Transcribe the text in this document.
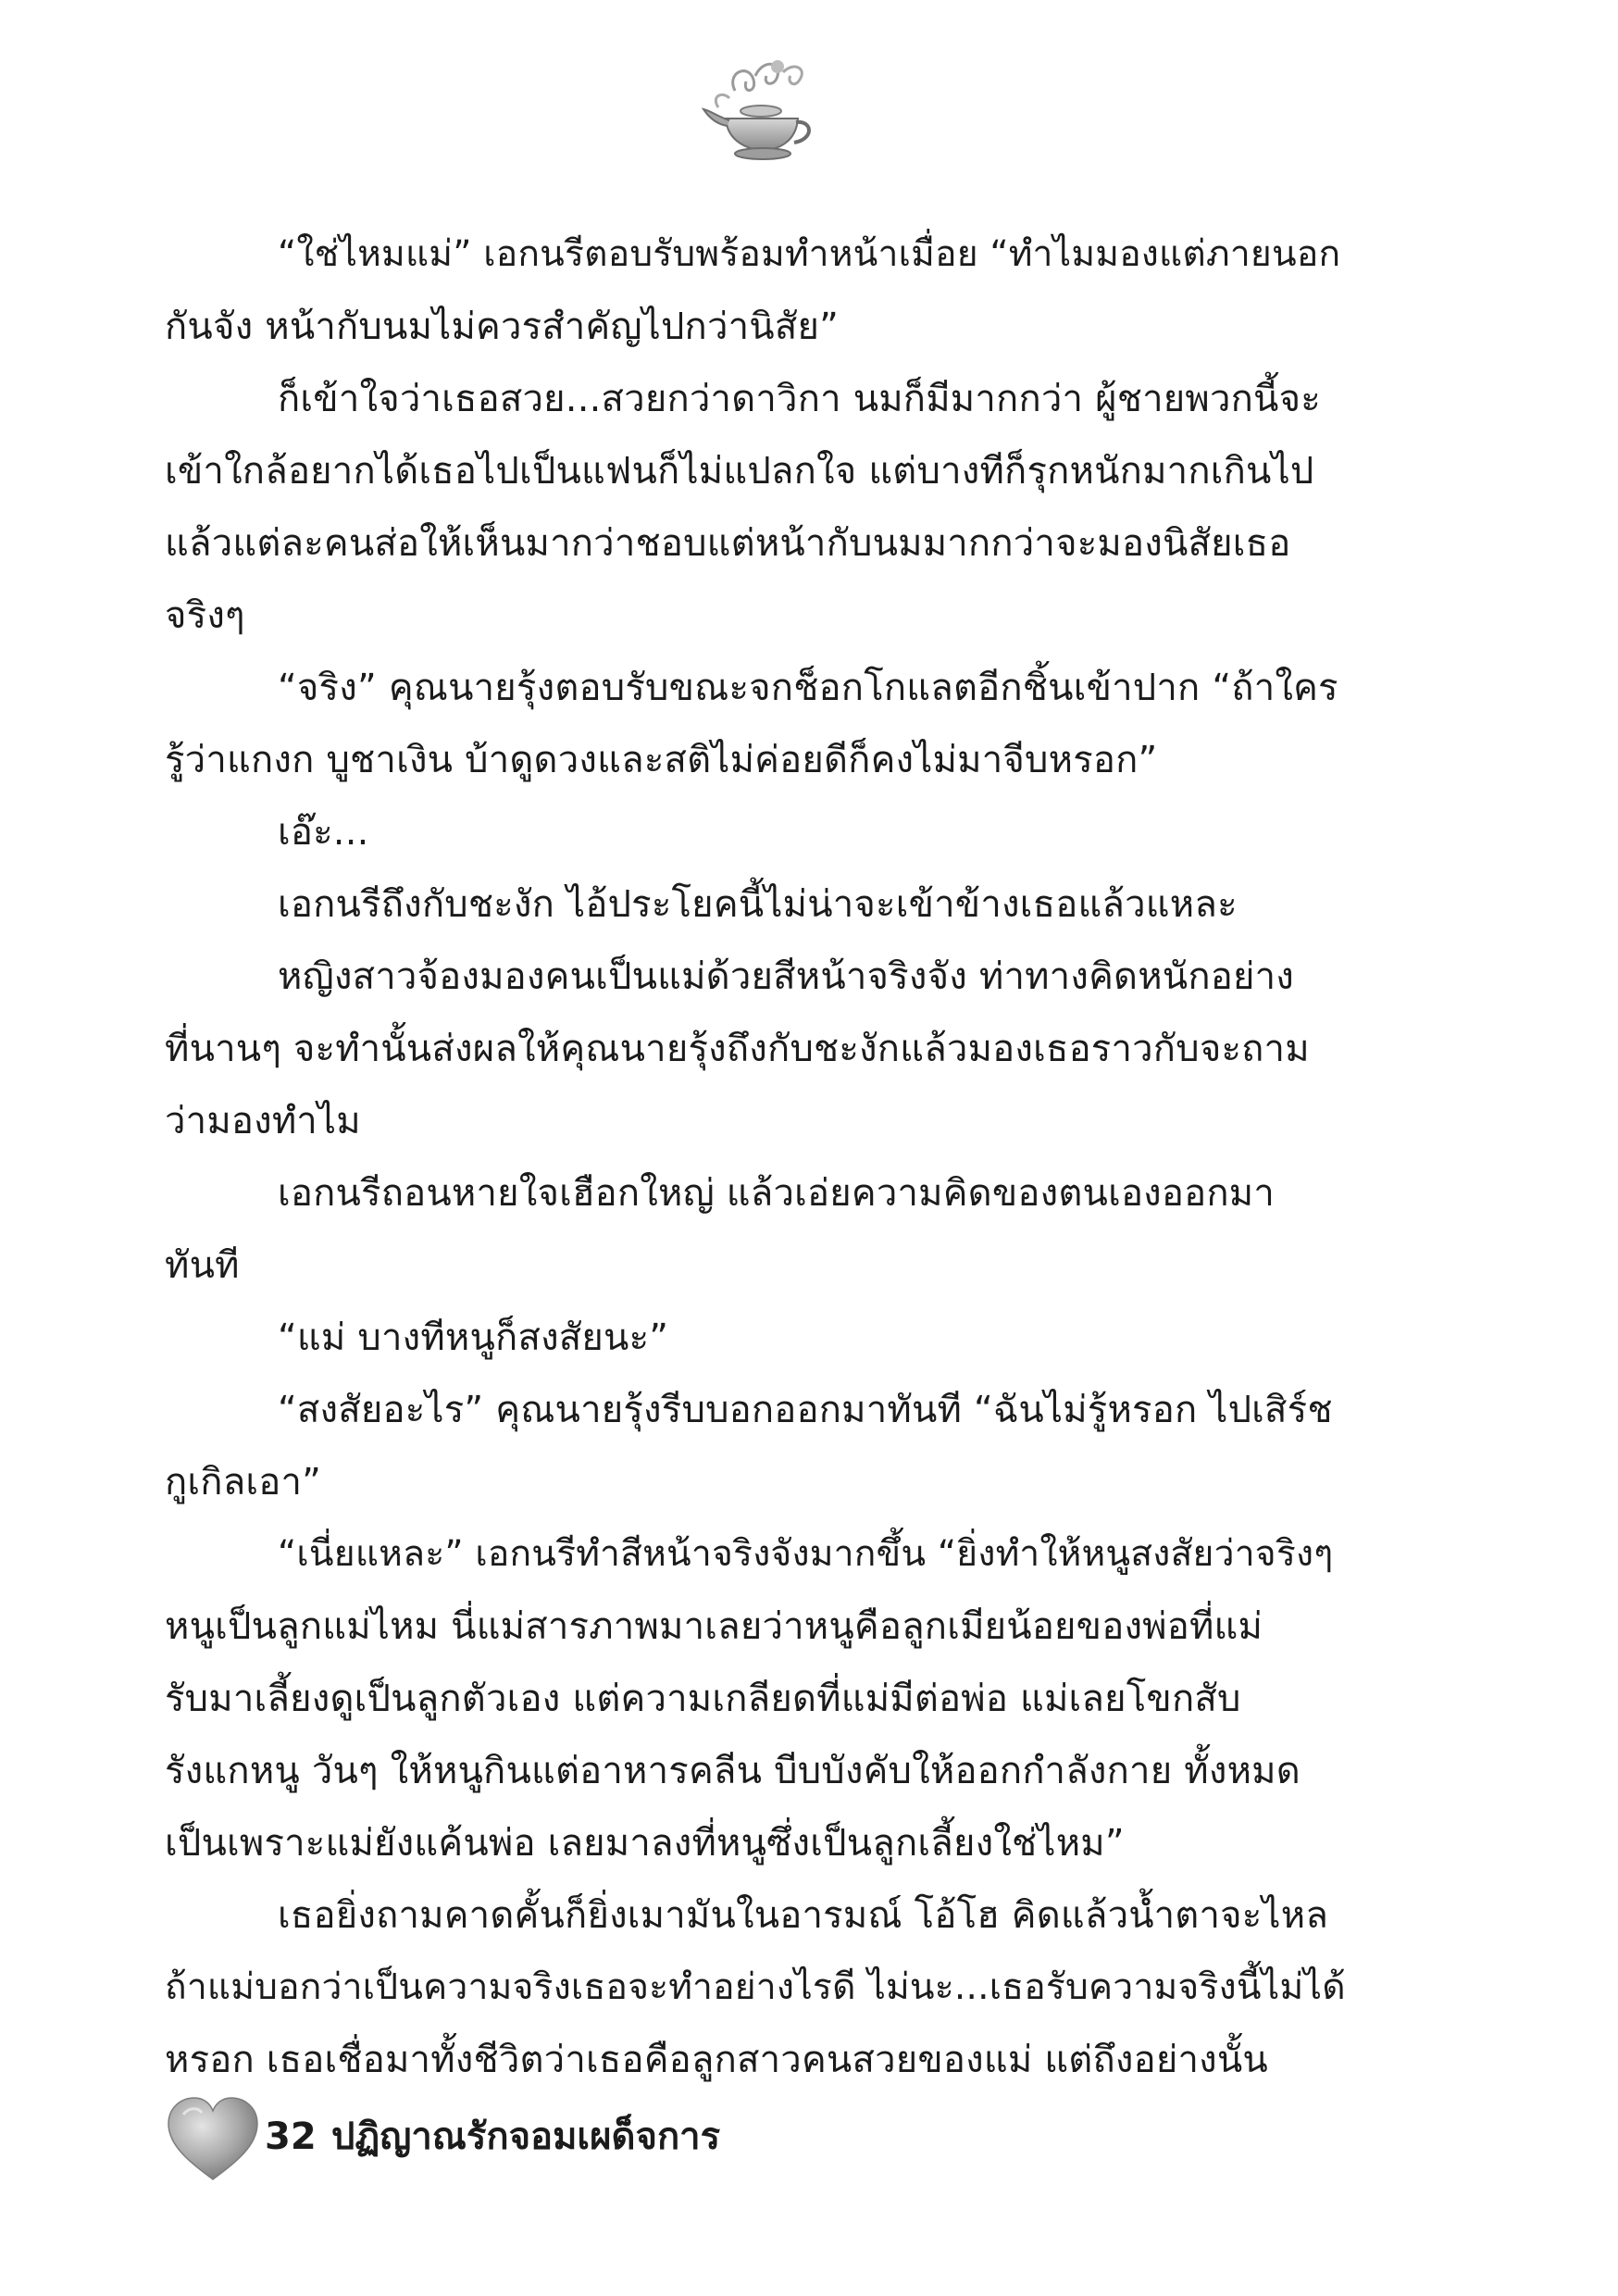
“ใช่ไหมแม่” เอกนรีตอบรับพร้อมทำหน้าเมื่อย “ทำไมมองแต่ภายนอก
กันจัง หน้ากับนมไม่ควรสำคัญไปกว่านิสัย”
ก็เข้าใจว่าเธอสวย...สวยกว่าดาวิกา นมก็มีมากกว่า ผู้ชายพวกนี้จะ
เข้าใกล้อยากได้เธอไปเป็นแฟนก็ไม่แปลกใจ แต่บางทีก็รุกหนักมากเกินไป
แล้วแต่ละคนส่อให้เห็นมากว่าชอบแต่หน้ากับนมมากกว่าจะมองนิสัยเธอ
จริงๆ
“จริง” คุณนายรุ้งตอบรับขณะจกช็อกโกแลตอีกชิ้นเข้าปาก “ถ้าใคร
รู้ว่าแกงก บูชาเงิน บ้าดูดวงและสติไม่ค่อยดีก็คงไม่มาจีบหรอก”
เอ๊ะ...
เอกนรีถึงกับชะงัก ไอ้ประโยคนี้ไม่น่าจะเข้าข้างเธอแล้วแหละ
หญิงสาวจ้องมองคนเป็นแม่ด้วยสีหน้าจริงจัง ท่าทางคิดหนักอย่าง
ที่นานๆ จะทำนั้นส่งผลให้คุณนายรุ้งถึงกับชะงักแล้วมองเธอราวกับจะถาม
ว่ามองทำไม
เอกนรีถอนหายใจเฮือกใหญ่ แล้วเอ่ยความคิดของตนเองออกมา
ทันที
“แม่ บางทีหนูก็สงสัยนะ”
“สงสัยอะไร” คุณนายรุ้งรีบบอกออกมาทันที “ฉันไม่รู้หรอก ไปเสิร์ช
กูเกิลเอา”
“เนี่ยแหละ” เอกนรีทำสีหน้าจริงจังมากขึ้น “ยิ่งทำให้หนูสงสัยว่าจริงๆ
หนูเป็นลูกแม่ไหม นี่แม่สารภาพมาเลยว่าหนูคือลูกเมียน้อยของพ่อที่แม่
รับมาเลี้ยงดูเป็นลูกตัวเอง แต่ความเกลียดที่แม่มีต่อพ่อ แม่เลยโขกสับ
รังแกหนู วันๆ ให้หนูกินแต่อาหารคลีน บีบบังคับให้ออกกำลังกาย ทั้งหมด
เป็นเพราะแม่ยังแค้นพ่อ เลยมาลงที่หนูซึ่งเป็นลูกเลี้ยงใช่ไหม”
เธอยิ่งถามคาดคั้นก็ยิ่งเมามันในอารมณ์ โอ้โฮ คิดแล้วน้ำตาจะไหล
ถ้าแม่บอกว่าเป็นความจริงเธอจะทำอย่างไรดี ไม่นะ...เธอรับความจริงนี้ไม่ได้
หรอก เธอเชื่อมาทั้งชีวิตว่าเธอคือลูกสาวคนสวยของแม่ แต่ถึงอย่างนั้น
32 ปฏิญาณรักจอมเผด็จการ
